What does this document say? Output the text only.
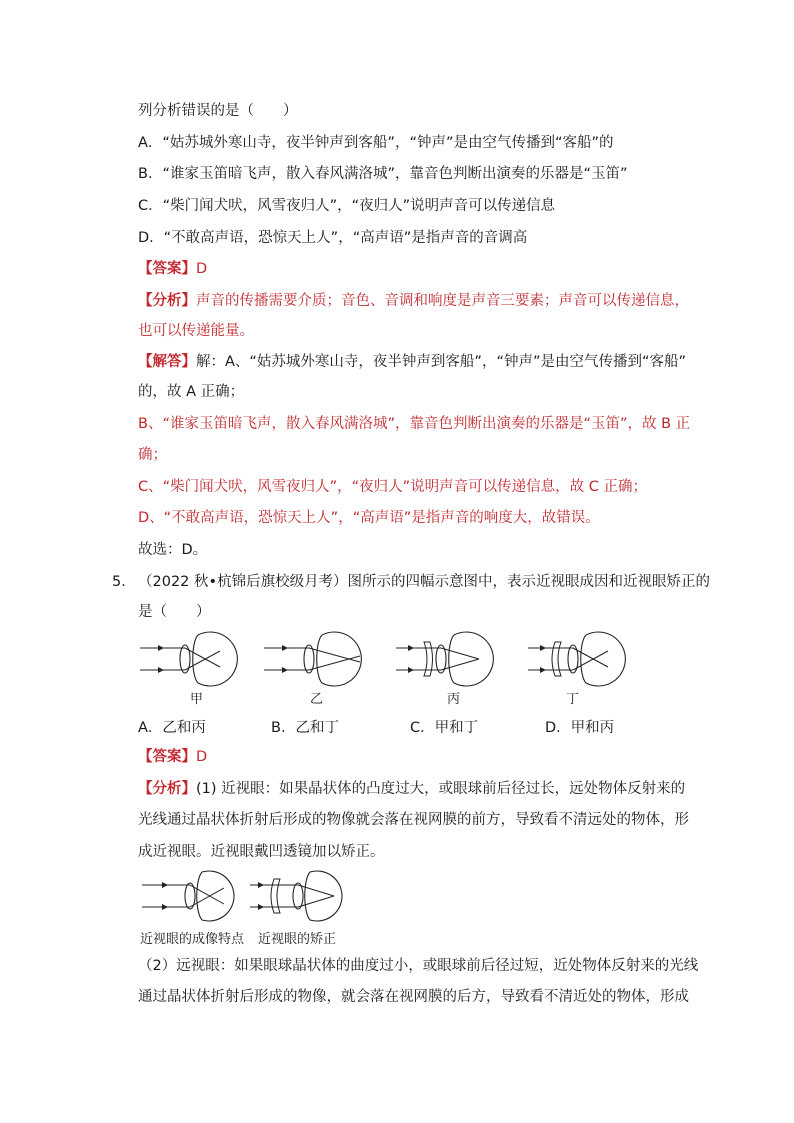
列分析错误的是（　　）
A．“姑苏城外寒山寺，夜半钟声到客船”，“钟声”是由空气传播到“客船”的
B．“谁家玉笛暗飞声，散入春风满洛城”，靠音色判断出演奏的乐器是“玉笛”
C．“柴门闻犬吠，风雪夜归人”，“夜归人”说明声音可以传递信息
D．“不敢高声语，恐惊天上人”，“高声语”是指声音的音调高
【答案】D
【分析】声音的传播需要介质；音色、音调和响度是声音三要素；声音可以传递信息，
也可以传递能量。
【解答】解：A、“姑苏城外寒山寺，夜半钟声到客船”，“钟声”是由空气传播到“客船”
的，故 A 正确；
B、“谁家玉笛暗飞声，散入春风满洛城”，靠音色判断出演奏的乐器是“玉笛”，故 B 正
确；
C、“柴门闻犬吠，风雪夜归人”，“夜归人”说明声音可以传递信息，故 C 正确；
D、“不敢高声语，恐惊天上人”，“高声语”是指声音的响度大，故错误。
故选：D。
5． （2022 秋•杭锦后旗校级月考）图所示的四幅示意图中，表示近视眼成因和近视眼矫正的
是（　　）
甲	乙	丙	丁
A．乙和丙	B．乙和丁	C．甲和丁	D．甲和丙
【答案】D
【分析】(1) 近视眼：如果晶状体的凸度过大，或眼球前后径过长，远处物体反射来的
光线通过晶状体折射后形成的物像就会落在视网膜的前方，导致看不清远处的物体，形
成近视眼。近视眼戴凹透镜加以矫正。
近视眼的成像特点 近视眼的矫正
（2）远视眼：如果眼球晶状体的曲度过小，或眼球前后径过短，近处物体反射来的光线
通过晶状体折射后形成的物像，就会落在视网膜的后方，导致看不清近处的物体，形成
